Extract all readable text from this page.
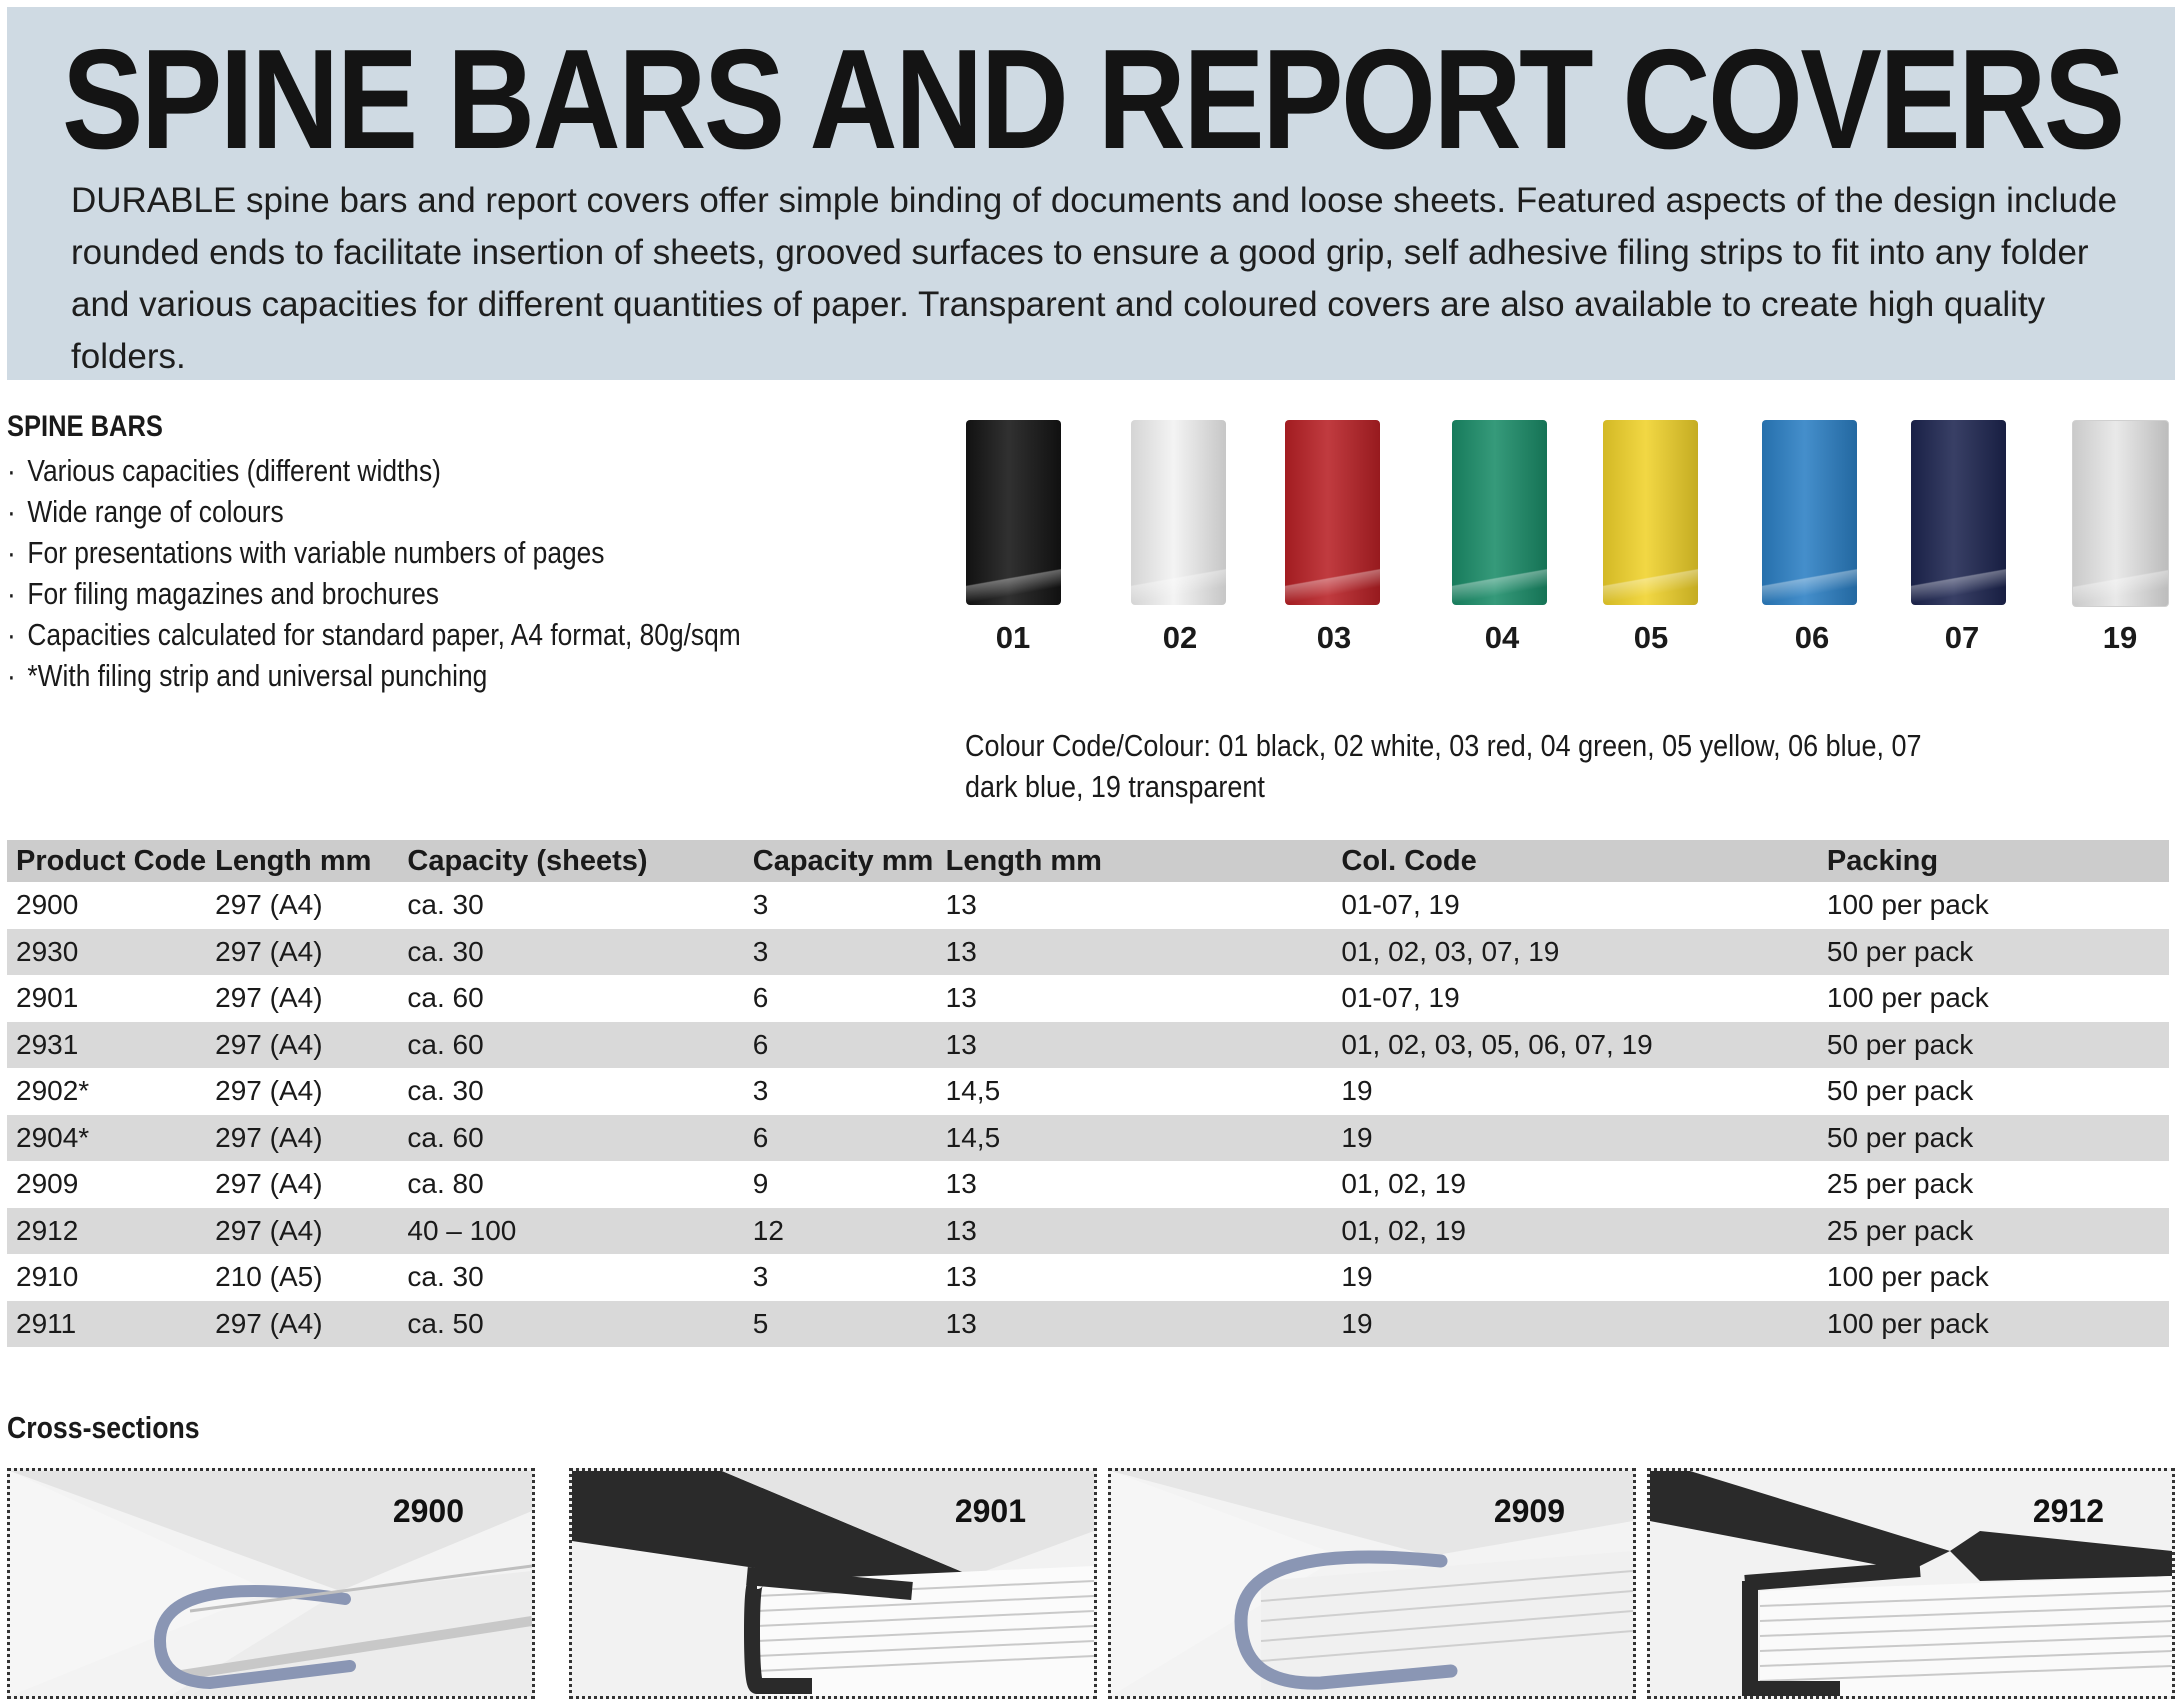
SPINE BARS AND REPORT COVERS
DURABLE spine bars and report covers offer simple binding of documents and loose sheets. Featured aspects of the design include rounded ends to facilitate insertion of sheets, grooved surfaces to ensure a good grip, self adhesive filing strips to fit into any folder and various capacities for different quantities of paper. Transparent and coloured covers are also available to create high quality folders.
SPINE BARS
· Various capacities (different widths)
· Wide range of colours
· For presentations with variable numbers of pages
· For filing magazines and brochures
· Capacities calculated for standard paper, A4 format, 80g/sqm
· *With filing strip and universal punching
01	02	03	04	05	06	07	19
Colour Code/Colour: 01 black, 02 white, 03 red, 04 green, 05 yellow, 06 blue, 07 dark blue, 19 transparent
Product Code	Length mm	Capacity (sheets)	Capacity mm	Length mm	Col. Code	Packing
2900	297 (A4)	ca. 30	3	13	01-07, 19	100 per pack
2930	297 (A4)	ca. 30	3	13	01, 02, 03, 07, 19	50 per pack
2901	297 (A4)	ca. 60	6	13	01-07, 19	100 per pack
2931	297 (A4)	ca. 60	6	13	01, 02, 03, 05, 06, 07, 19	50 per pack
2902*	297 (A4)	ca. 30	3	14,5	19	50 per pack
2904*	297 (A4)	ca. 60	6	14,5	19	50 per pack
2909	297 (A4)	ca. 80	9	13	01, 02, 19	25 per pack
2912	297 (A4)	40 – 100	12	13	01, 02, 19	25 per pack
2910	210 (A5)	ca. 30	3	13	19	100 per pack
2911	297 (A4)	ca. 50	5	13	19	100 per pack
Cross-sections
2900	2901	2909	2912
